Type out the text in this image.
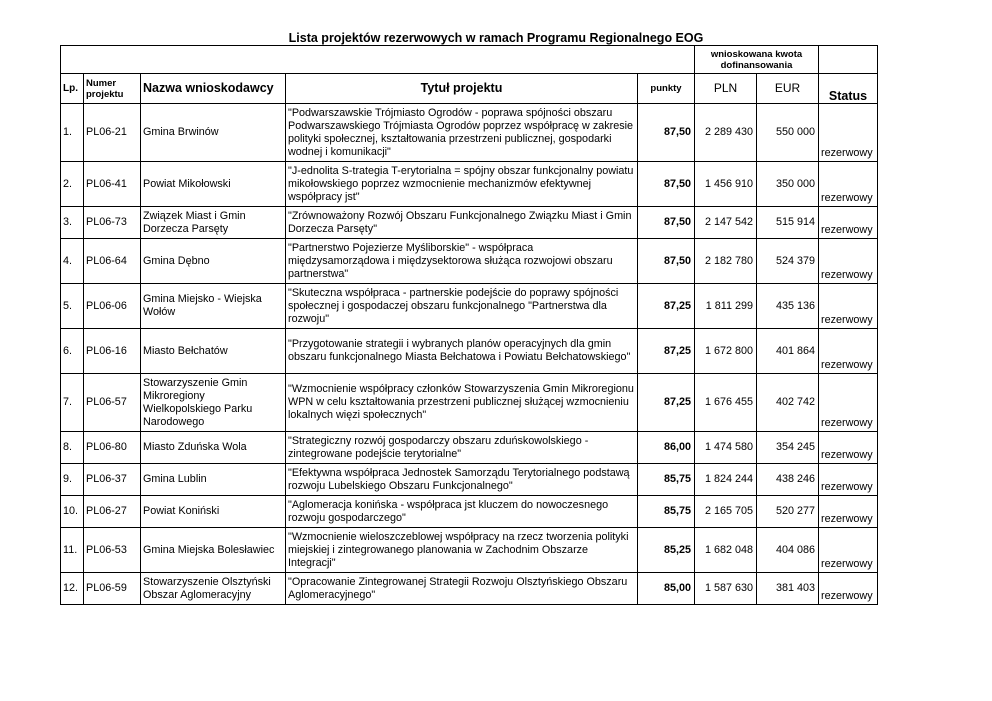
Lista projektów rezerwowych w ramach Programu Regionalnego EOG
					wnioskowana kwota dofinansowania		
Lp.	Numer projektu	Nazwa wnioskodawcy	Tytuł projektu	punkty	PLN	EUR	Status
1.	PL06-21	Gmina Brwinów	"Podwarszawskie Trójmiasto Ogrodów - poprawa spójności obszaru Podwarszawskiego Trójmiasta Ogrodów poprzez współpracę w zakresie polityki społecznej, kształtowania przestrzeni publicznej, gospodarki wodnej i komunikacji"	87,50	2 289 430	550 000	rezerwowy
2.	PL06-41	Powiat Mikołowski	"J-ednolita S-trategia T-erytorialna = spójny obszar funkcjonalny powiatu mikołowskiego poprzez wzmocnienie mechanizmów efektywnej współpracy jst"	87,50	1 456 910	350 000	rezerwowy
3.	PL06-73	Związek Miast i Gmin Dorzecza Parsęty	"Zrównoważony Rozwój Obszaru Funkcjonalnego Związku Miast i Gmin Dorzecza Parsęty"	87,50	2 147 542	515 914	rezerwowy
4.	PL06-64	Gmina Dębno	"Partnerstwo Pojezierze Myśliborskie" - współpraca międzysamorządowa i międzysektorowa służąca rozwojowi obszaru partnerstwa"	87,50	2 182 780	524 379	rezerwowy
5.	PL06-06	Gmina Miejsko - Wiejska Wołów	"Skuteczna współpraca - partnerskie podejście do poprawy spójności społecznej i gospodaczej obszaru funkcjonalnego "Partnerstwa dla rozwoju"	87,25	1 811 299	435 136	rezerwowy
6.	PL06-16	Miasto Bełchatów	"Przygotowanie strategii i wybranych planów operacyjnych dla gmin obszaru funkcjonalnego Miasta Bełchatowa i Powiatu Bełchatowskiego"	87,25	1 672 800	401 864	rezerwowy
7.	PL06-57	Stowarzyszenie Gmin Mikroregiony Wielkopolskiego Parku Narodowego	"Wzmocnienie współpracy członków Stowarzyszenia Gmin Mikroregionu WPN w celu kształtowania przestrzeni publicznej służącej wzmocnieniu lokalnych więzi społecznych"	87,25	1 676 455	402 742	rezerwowy
8.	PL06-80	Miasto Zduńska Wola	"Strategiczny rozwój gospodarczy obszaru zduńskowolskiego - zintegrowane podejście terytorialne"	86,00	1 474 580	354 245	rezerwowy
9.	PL06-37	Gmina Lublin	"Efektywna współpraca Jednostek Samorządu Terytorialnego podstawą rozwoju Lubelskiego Obszaru Funkcjonalnego"	85,75	1 824 244	438 246	rezerwowy
10.	PL06-27	Powiat Koniński	"Aglomeracja konińska - współpraca jst kluczem do nowoczesnego rozwoju gospodarczego"	85,75	2 165 705	520 277	rezerwowy
11.	PL06-53	Gmina Miejska Bolesławiec	"Wzmocnienie wieloszczeblowej współpracy na rzecz tworzenia polityki miejskiej i zintegrowanego planowania w Zachodnim Obszarze Integracji"	85,25	1 682 048	404 086	rezerwowy
12.	PL06-59	Stowarzyszenie Olsztyński Obszar Aglomeracyjny	"Opracowanie Zintegrowanej Strategii Rozwoju Olsztyńskiego Obszaru Aglomeracyjnego"	85,00	1 587 630	381 403	rezerwowy
